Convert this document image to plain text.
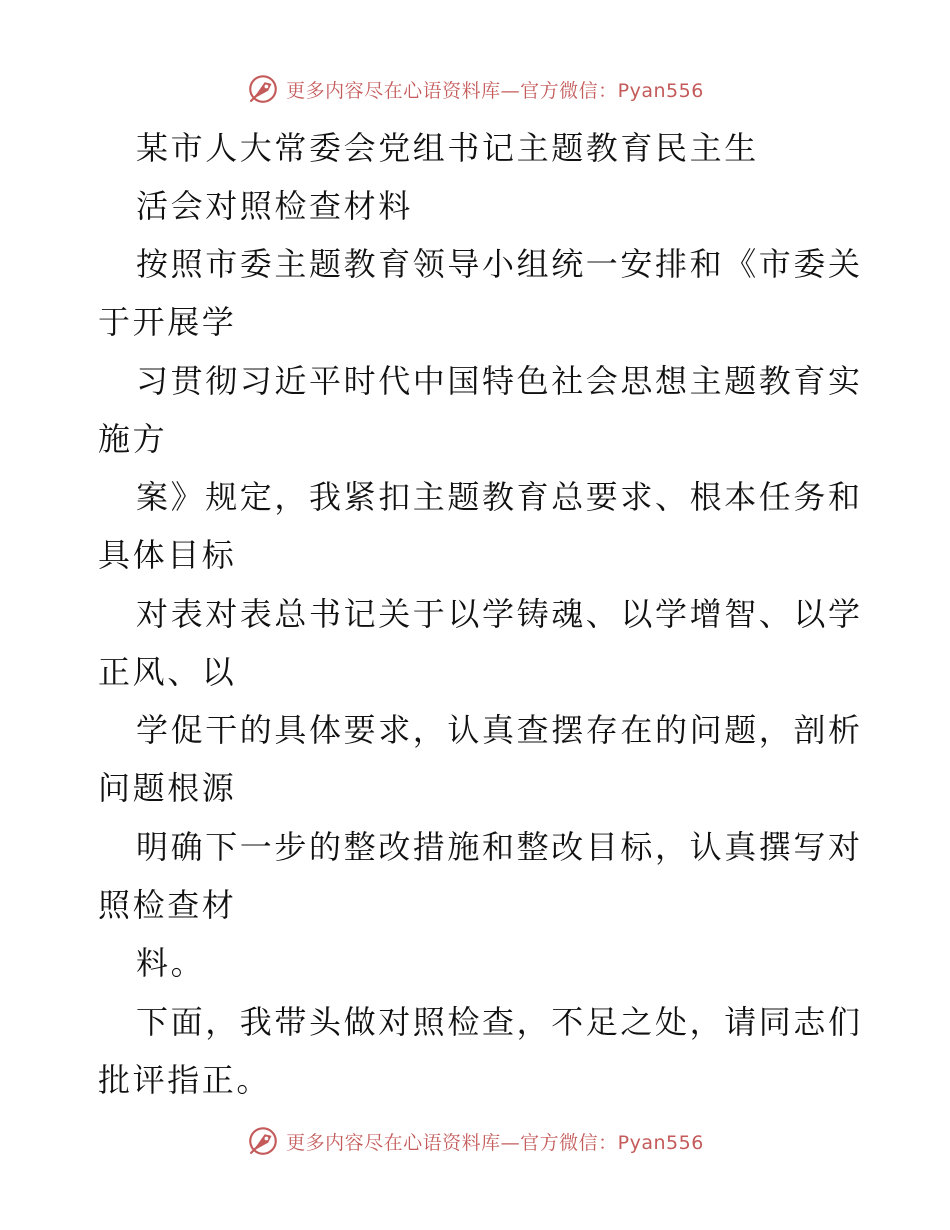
更多内容尽在心语资料库—官方微信：Pyan556
某市人大常委会党组书记主题教育民主生
活会对照检查材料
按照市委主题教育领导小组统一安排和《市委关
于开展学
习贯彻习近平时代中国特色社会思想主题教育实
施方
案》规定，我紧扣主题教育总要求、根本任务和
具体目标
对表对表总书记关于以学铸魂、以学增智、以学
正风、以
学促干的具体要求，认真查摆存在的问题，剖析
问题根源
明确下一步的整改措施和整改目标，认真撰写对
照检查材
料。
下面，我带头做对照检查，不足之处，请同志们
批评指正。
更多内容尽在心语资料库—官方微信：Pyan556
